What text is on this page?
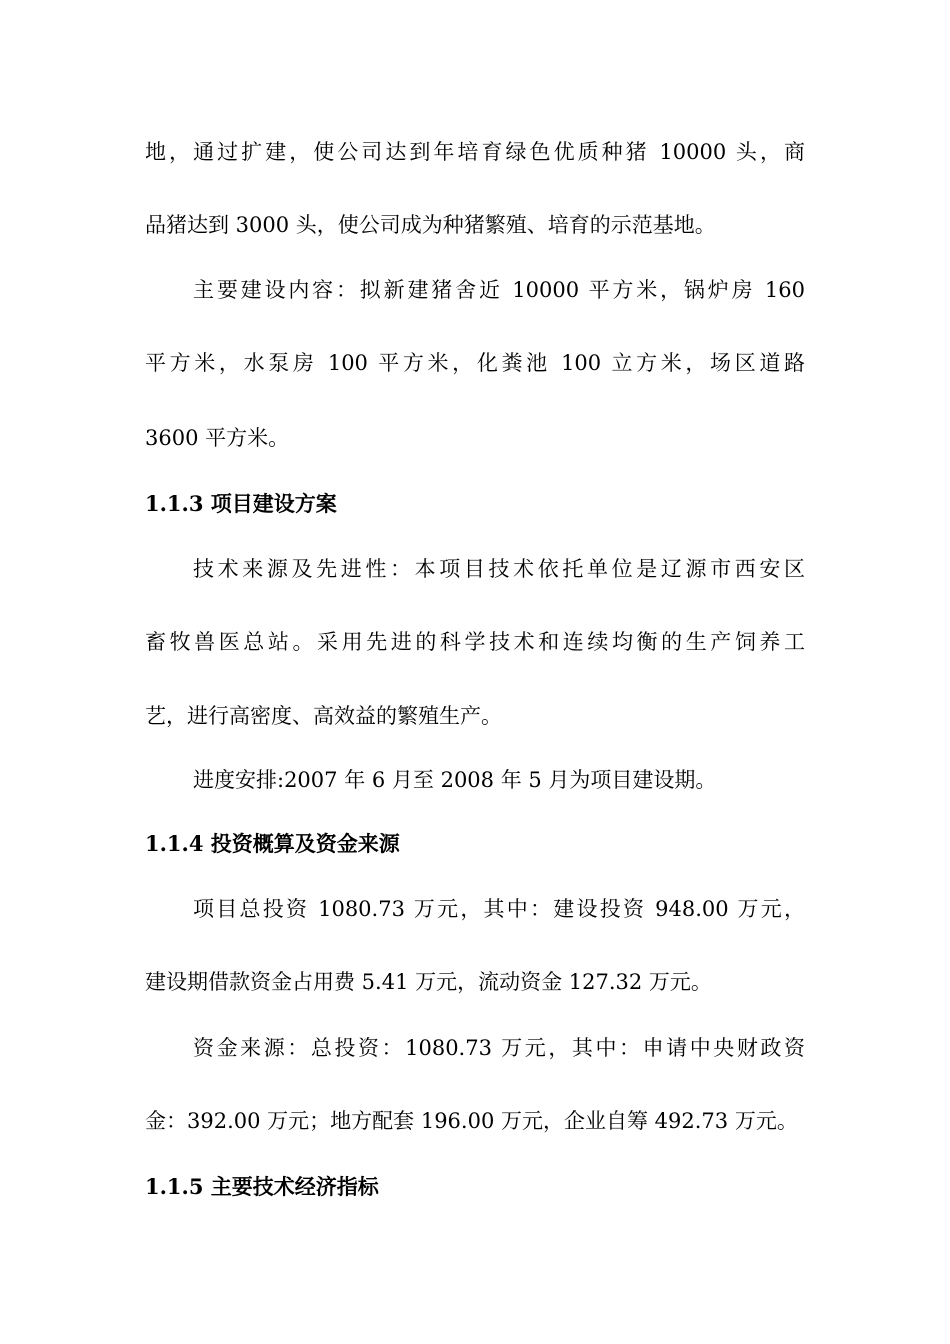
地，通过扩建，使公司达到年培育绿色优质种猪 10000 头，商
品猪达到 3000 头，使公司成为种猪繁殖、培育的示范基地。
主要建设内容：拟新建猪舍近 10000 平方米，锅炉房 160
平方米，水泵房 100 平方米，化粪池 100 立方米，场区道路
3600 平方米。
1.1.3 项目建设方案
技术来源及先进性：本项目技术依托单位是辽源市西安区
畜牧兽医总站。采用先进的科学技术和连续均衡的生产饲养工
艺，进行高密度、高效益的繁殖生产。
进度安排:2007 年 6 月至 2008 年 5 月为项目建设期。
1.1.4 投资概算及资金来源
项目总投资 1080.73 万元，其中：建设投资 948.00 万元，
建设期借款资金占用费 5.41 万元，流动资金 127.32 万元。
资金来源：总投资：1080.73 万元，其中：申请中央财政资
金：392.00 万元；地方配套 196.00 万元，企业自筹 492.73 万元。
1.1.5 主要技术经济指标
